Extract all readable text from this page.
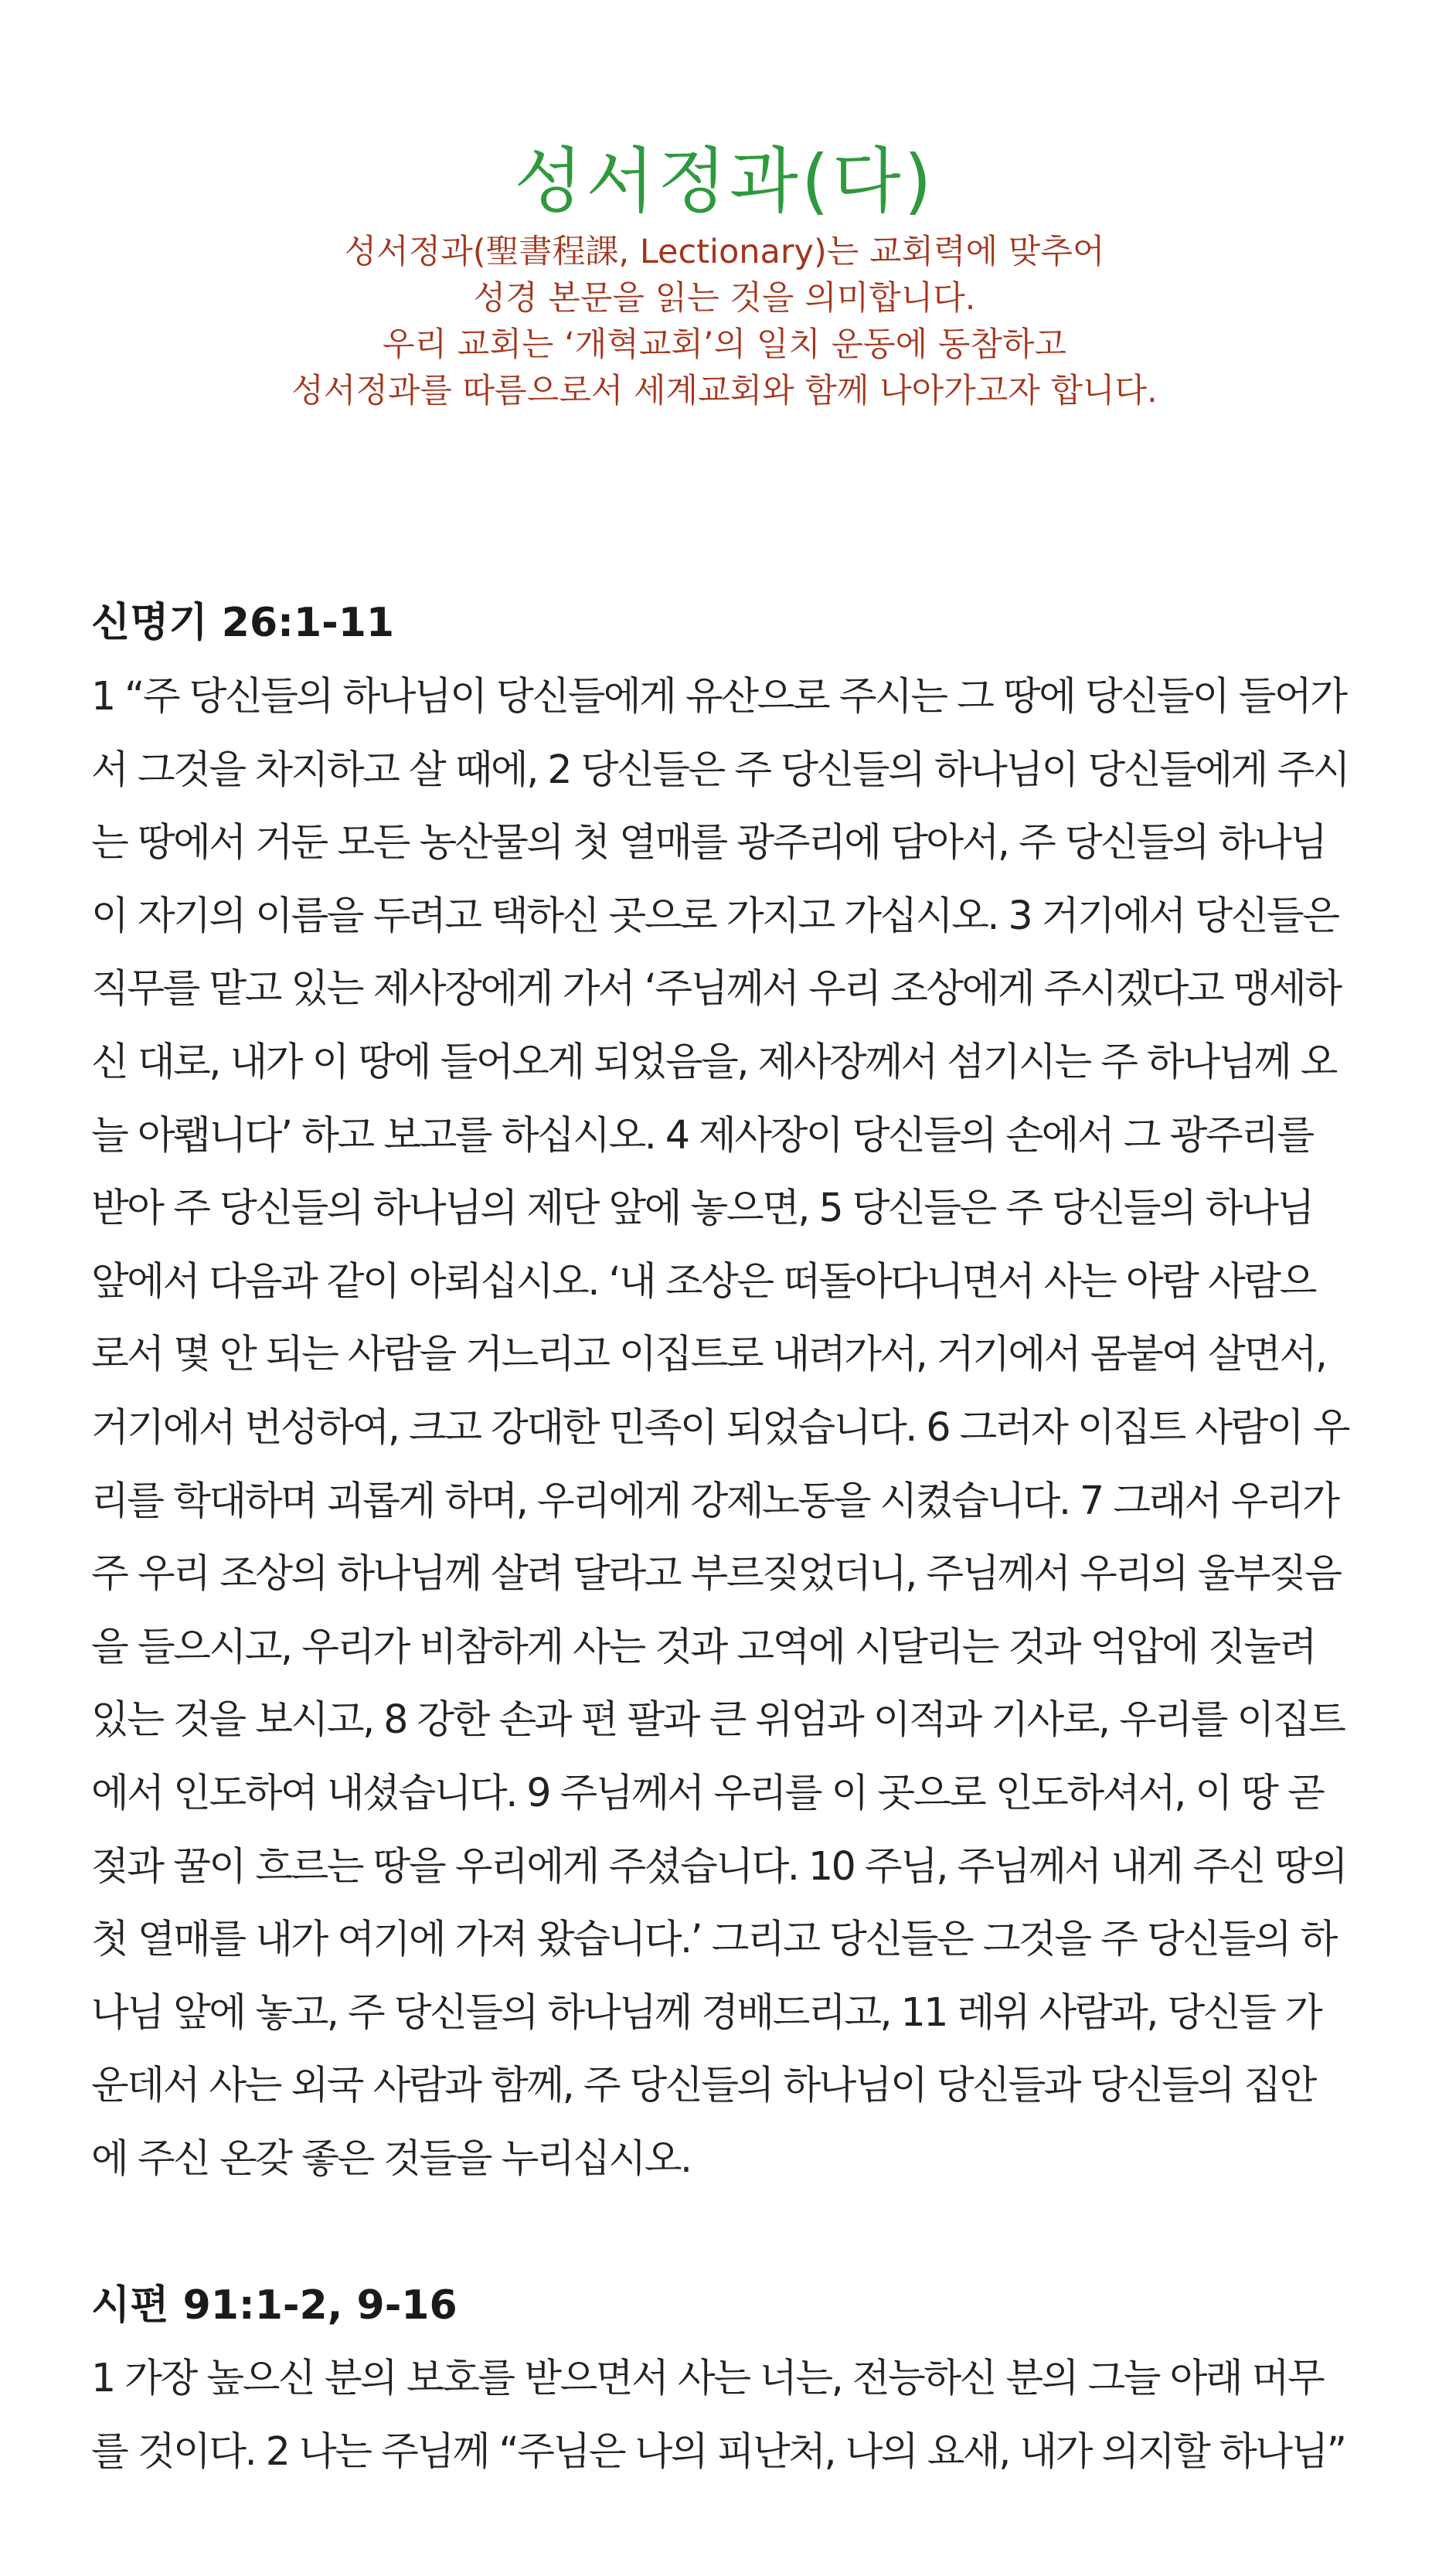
성서정과(다)
성서정과(聖書程課, Lectionary)는 교회력에 맞추어
성경 본문을 읽는 것을 의미합니다.
우리 교회는 ‘개혁교회’의 일치 운동에 동참하고
성서정과를 따름으로서 세계교회와 함께 나아가고자 합니다.
신명기 26:1-11
1 “주 당신들의 하나님이 당신들에게 유산으로 주시는 그 땅에 당신들이 들어가
서 그것을 차지하고 살 때에, 2 당신들은 주 당신들의 하나님이 당신들에게 주시
는 땅에서 거둔 모든 농산물의 첫 열매를 광주리에 담아서, 주 당신들의 하나님
이 자기의 이름을 두려고 택하신 곳으로 가지고 가십시오. 3 거기에서 당신들은
직무를 맡고 있는 제사장에게 가서 ‘주님께서 우리 조상에게 주시겠다고 맹세하
신 대로, 내가 이 땅에 들어오게 되었음을, 제사장께서 섬기시는 주 하나님께 오
늘 아뢥니다’ 하고 보고를 하십시오. 4 제사장이 당신들의 손에서 그 광주리를
받아 주 당신들의 하나님의 제단 앞에 놓으면, 5 당신들은 주 당신들의 하나님
앞에서 다음과 같이 아뢰십시오. ‘내 조상은 떠돌아다니면서 사는 아람 사람으
로서 몇 안 되는 사람을 거느리고 이집트로 내려가서, 거기에서 몸붙여 살면서,
거기에서 번성하여, 크고 강대한 민족이 되었습니다. 6 그러자 이집트 사람이 우
리를 학대하며 괴롭게 하며, 우리에게 강제노동을 시켰습니다. 7 그래서 우리가
주 우리 조상의 하나님께 살려 달라고 부르짖었더니, 주님께서 우리의 울부짖음
을 들으시고, 우리가 비참하게 사는 것과 고역에 시달리는 것과 억압에 짓눌려
있는 것을 보시고, 8 강한 손과 편 팔과 큰 위엄과 이적과 기사로, 우리를 이집트
에서 인도하여 내셨습니다. 9 주님께서 우리를 이 곳으로 인도하셔서, 이 땅 곧
젖과 꿀이 흐르는 땅을 우리에게 주셨습니다. 10 주님, 주님께서 내게 주신 땅의
첫 열매를 내가 여기에 가져 왔습니다.’ 그리고 당신들은 그것을 주 당신들의 하
나님 앞에 놓고, 주 당신들의 하나님께 경배드리고, 11 레위 사람과, 당신들 가
운데서 사는 외국 사람과 함께, 주 당신들의 하나님이 당신들과 당신들의 집안
에 주신 온갖 좋은 것들을 누리십시오.
시편 91:1-2, 9-16
1 가장 높으신 분의 보호를 받으면서 사는 너는, 전능하신 분의 그늘 아래 머무
를 것이다. 2 나는 주님께 “주님은 나의 피난처, 나의 요새, 내가 의지할 하나님”
